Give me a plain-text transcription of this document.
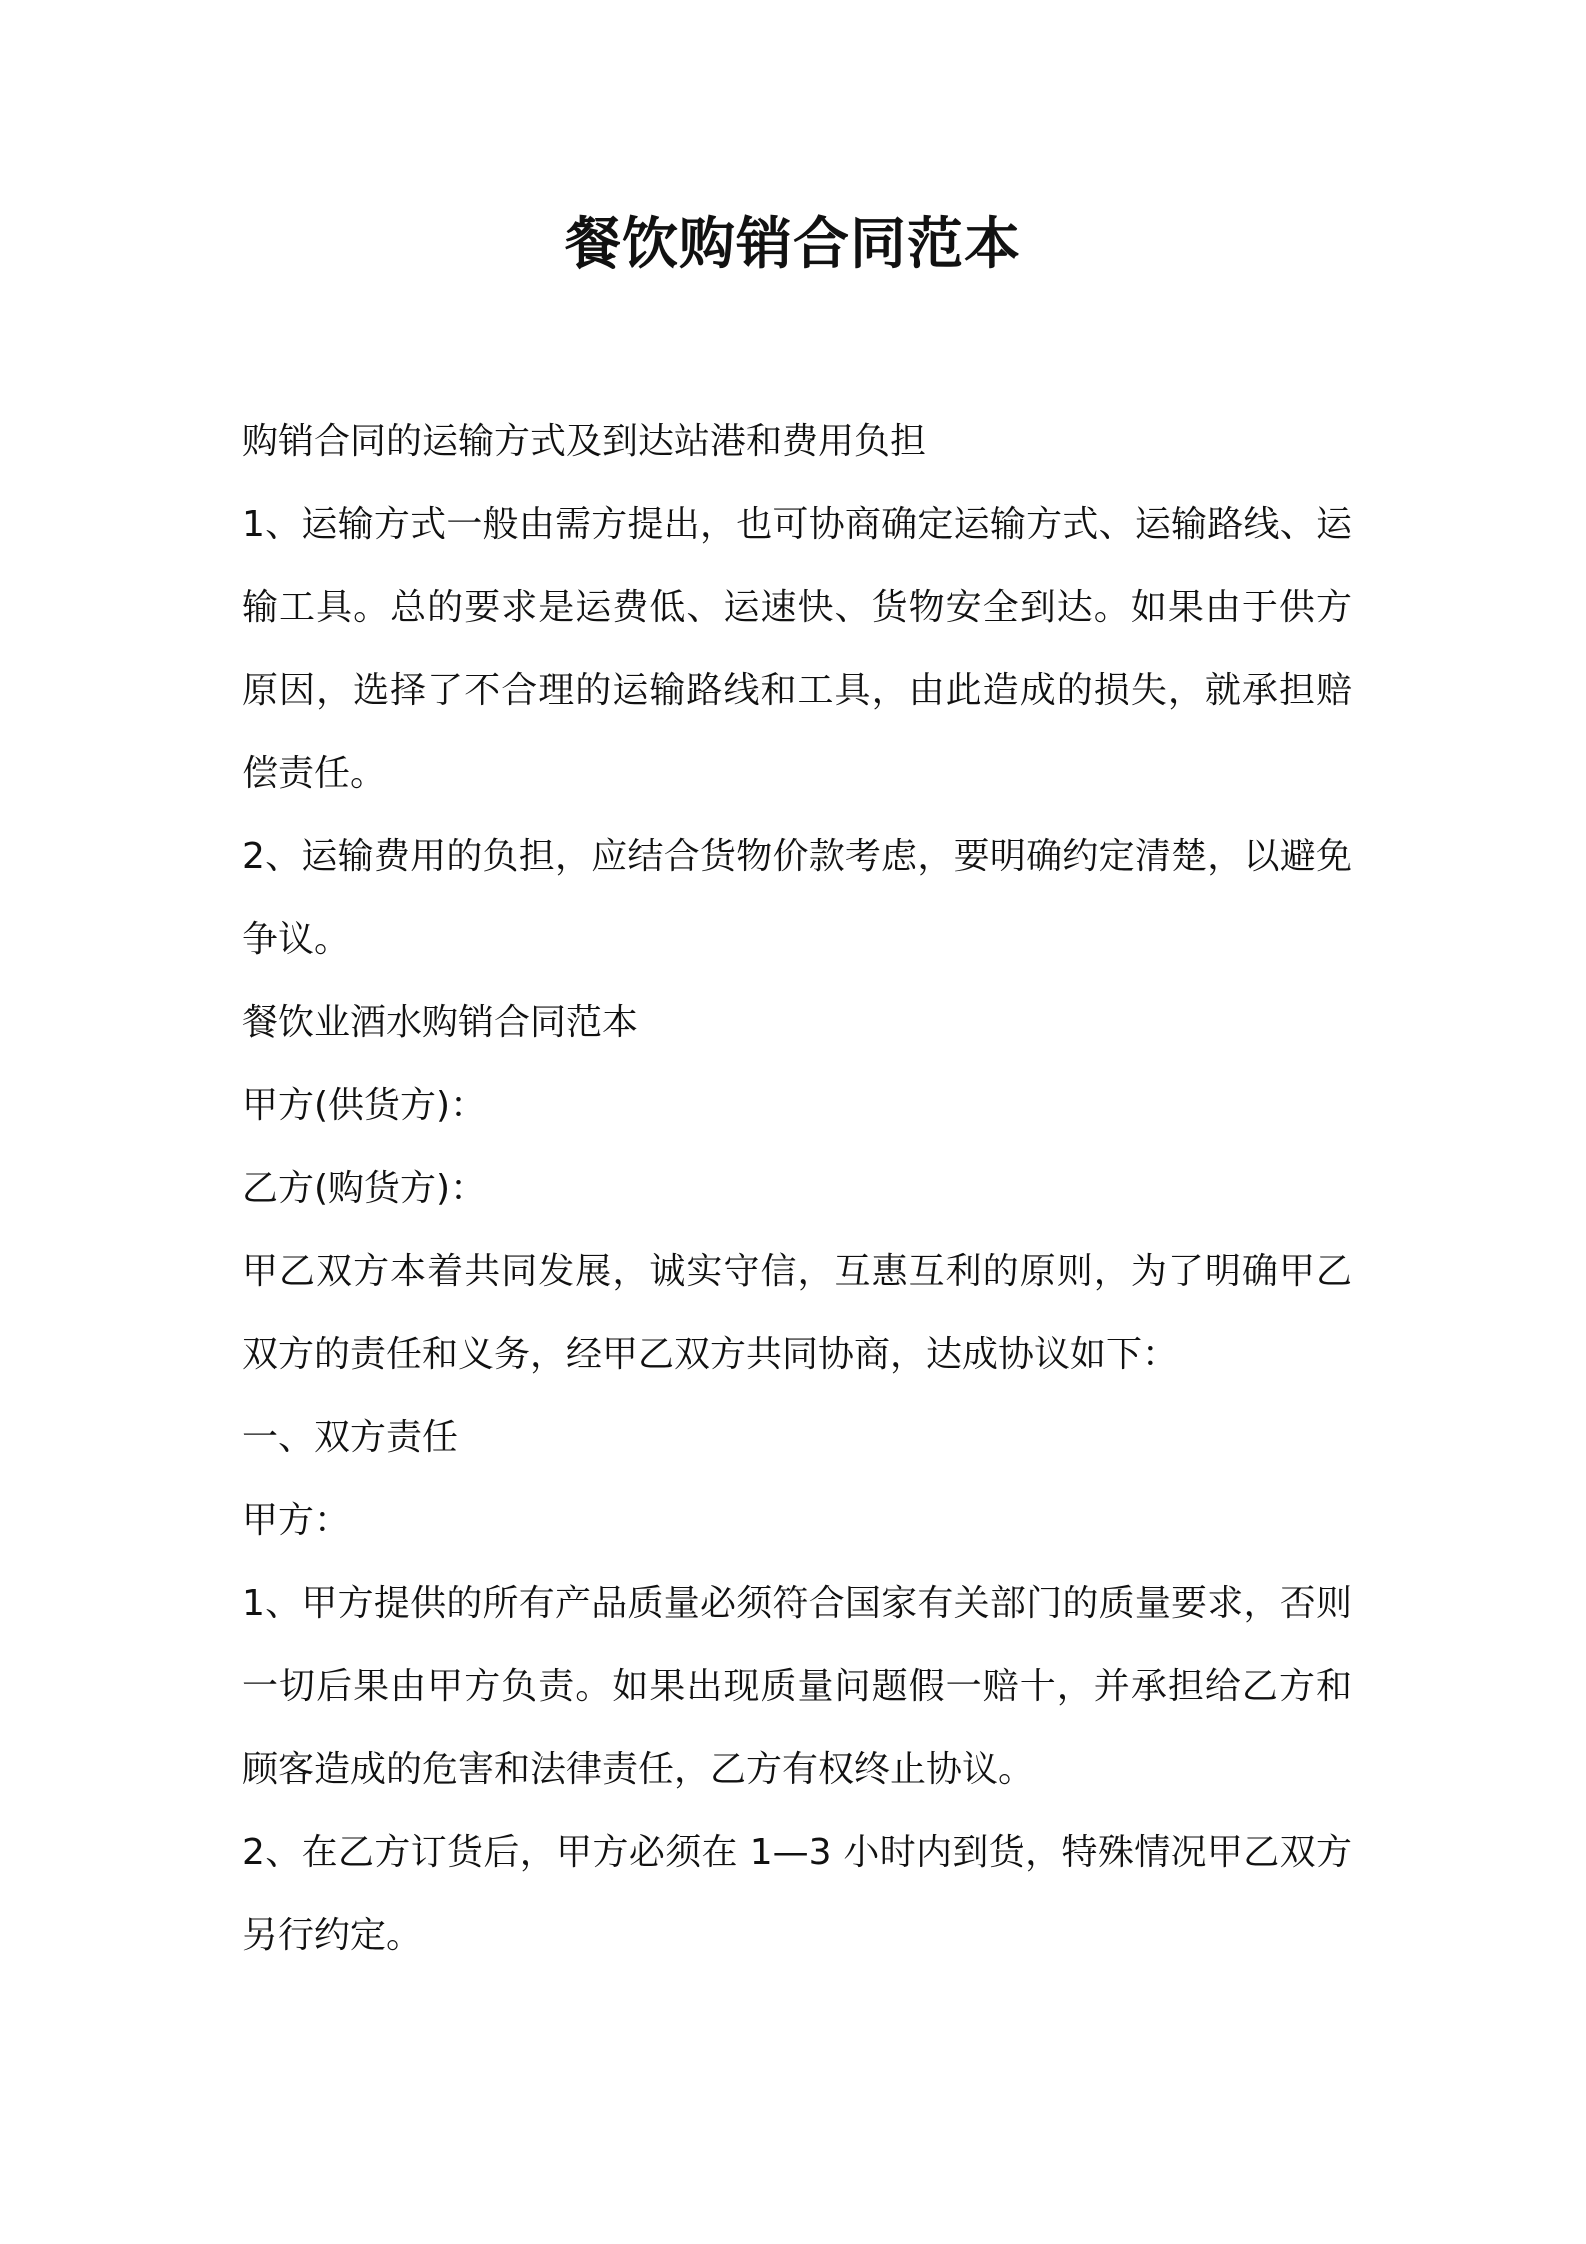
餐饮购销合同范本

购销合同的运输方式及到达站港和费用负担

1、运输方式一般由需方提出，也可协商确定运输方式、运输路线、运输工具。总的要求是运费低、运速快、货物安全到达。如果由于供方原因，选择了不合理的运输路线和工具，由此造成的损失，就承担赔偿责任。

2、运输费用的负担，应结合货物价款考虑，要明确约定清楚，以避免争议。

餐饮业酒水购销合同范本

甲方(供货方)：

乙方(购货方)：

甲乙双方本着共同发展，诚实守信，互惠互利的原则，为了明确甲乙双方的责任和义务，经甲乙双方共同协商，达成协议如下：

一、双方责任

甲方：

1、甲方提供的所有产品质量必须符合国家有关部门的质量要求，否则一切后果由甲方负责。如果出现质量问题假一赔十，并承担给乙方和顾客造成的危害和法律责任，乙方有权终止协议。

2、在乙方订货后，甲方必须在 1—3 小时内到货，特殊情况甲乙双方另行约定。
